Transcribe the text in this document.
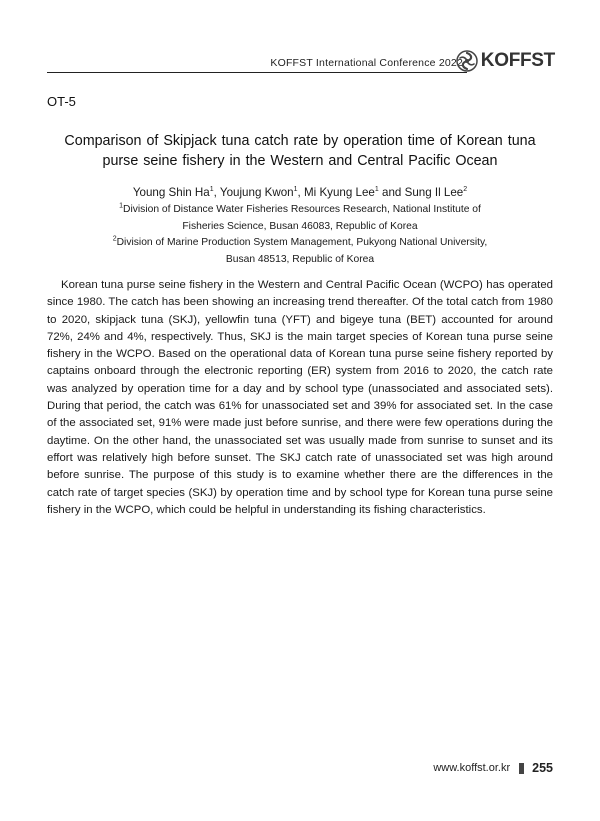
KOFFST International Conference 2022 KOFFST
OT-5
Comparison of Skipjack tuna catch rate by operation time of Korean tuna purse seine fishery in the Western and Central Pacific Ocean
Young Shin Ha$^1$, Youjung Kwon$^1$, Mi Kyung Lee$^1$ and Sung Il Lee$^2$
$^1$Division of Distance Water Fisheries Resources Research, National Institute of
Fisheries Science, Busan 46083, Republic of Korea
$^2$Division of Marine Production System Management, Pukyong National University,
Busan 48513, Republic of Korea

Korean tuna purse seine fishery in the Western and Central Pacific Ocean (WCPO) has operated since 1980. The catch has been showing an increasing trend thereafter. Of the total catch from 1980 to 2020, skipjack tuna (SKJ), yellowfin tuna (YFT) and bigeye tuna (BET) accounted for around 72%, 24% and 4%, respectively. Thus, SKJ is the main target species of Korean tuna purse seine fishery in the WCPO. Based on the operational data of Korean tuna purse seine fishery reported by captains onboard through the electronic reporting (ER) system from 2016 to 2020, the catch rate was analyzed by operation time for a day and by school type (unassociated and associated sets). During that period, the catch was 61% for unassociated set and 39% for associated set. In the case of the associated set, 91% were made just before sunrise, and there were few operations during the daytime. On the other hand, the unassociated set was usually made from sunrise to sunset and its effort was relatively high before sunset. The SKJ catch rate of unassociated set was high around before sunrise. The purpose of this study is to examine whether there are the differences in the catch rate of target species (SKJ) by operation time and by school type for Korean tuna purse seine fishery in the WCPO, which could be helpful in understanding its fishing characteristics.

www.koffst.or.kr 255
